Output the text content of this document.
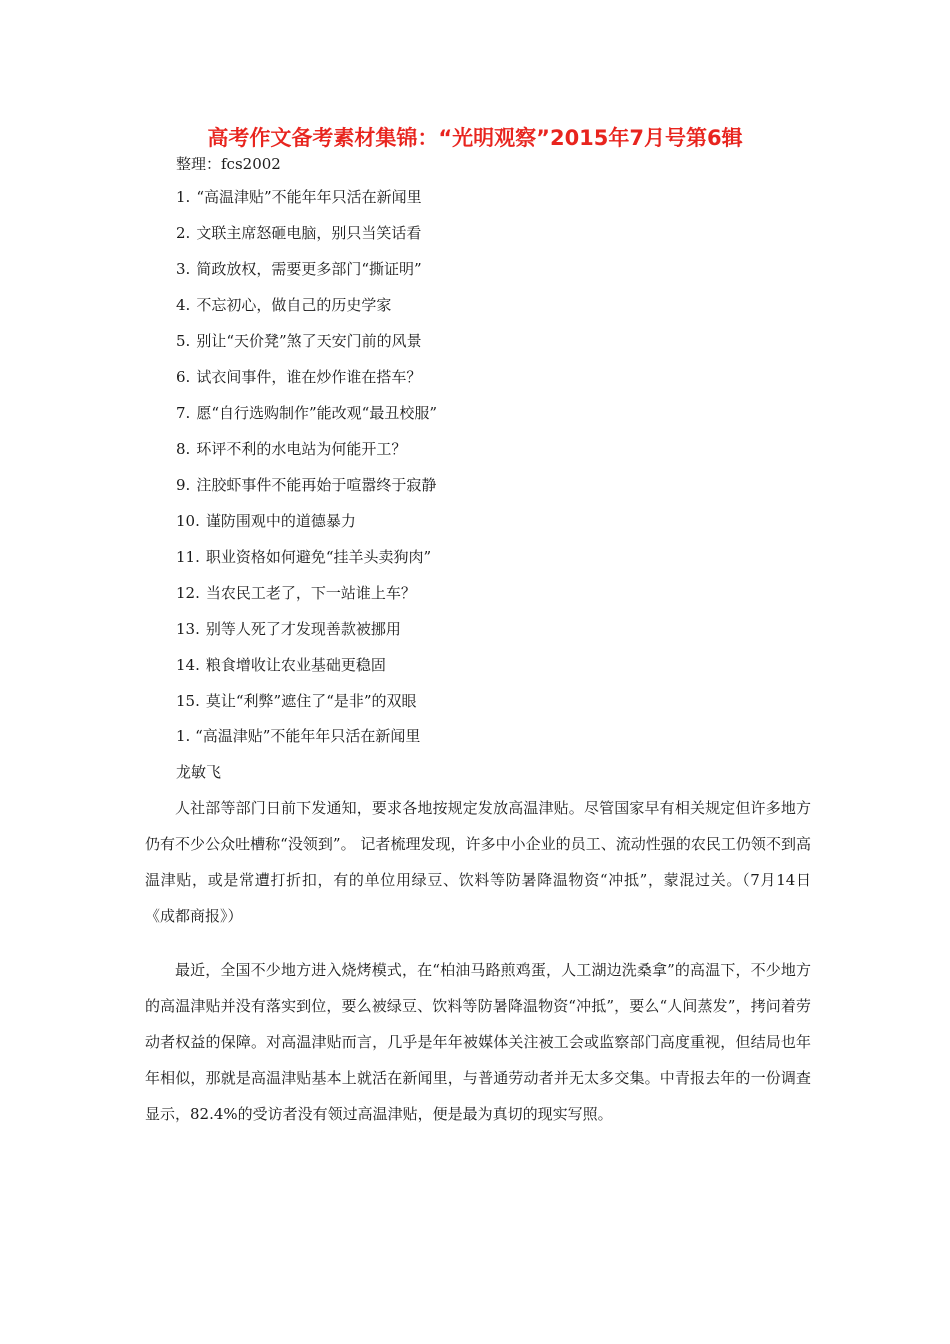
高考作文备考素材集锦：“光明观察”2015年7月号第6辑
整理：fcs2002
1. “高温津贴”不能年年只活在新闻里
2. 文联主席怒砸电脑，别只当笑话看
3. 简政放权，需要更多部门“撕证明”
4. 不忘初心，做自己的历史学家
5. 别让“天价凳”煞了天安门前的风景
6. 试衣间事件，谁在炒作谁在搭车？
7. 愿“自行选购制作”能改观“最丑校服”
8. 环评不利的水电站为何能开工？
9. 注胶虾事件不能再始于喧嚣终于寂静
10. 谨防围观中的道德暴力
11. 职业资格如何避免“挂羊头卖狗肉”
12. 当农民工老了，下一站谁上车？
13. 别等人死了才发现善款被挪用
14. 粮食增收让农业基础更稳固
15. 莫让“利弊”遮住了“是非”的双眼
1. “高温津贴”不能年年只活在新闻里
龙敏飞

人社部等部门日前下发通知，要求各地按规定发放高温津贴。尽管国家早有相关规定但许多地方仍有不少公众吐槽称“没领到”。 记者梳理发现，许多中小企业的员工、流动性强的农民工仍领不到高温津贴，或是常遭打折扣，有的单位用绿豆、饮料等防暑降温物资“冲抵”，蒙混过关。（7月14日《成都商报》）

最近，全国不少地方进入烧烤模式，在“柏油马路煎鸡蛋，人工湖边洗桑拿”的高温下，不少地方的高温津贴并没有落实到位，要么被绿豆、饮料等防暑降温物资“冲抵”，要么“人间蒸发”，拷问着劳动者权益的保障。对高温津贴而言，几乎是年年被媒体关注被工会或监察部门高度重视，但结局也年年相似，那就是高温津贴基本上就活在新闻里，与普通劳动者并无太多交集。中青报去年的一份调查显示，82.4%的受访者没有领过高温津贴，便是最为真切的现实写照。
